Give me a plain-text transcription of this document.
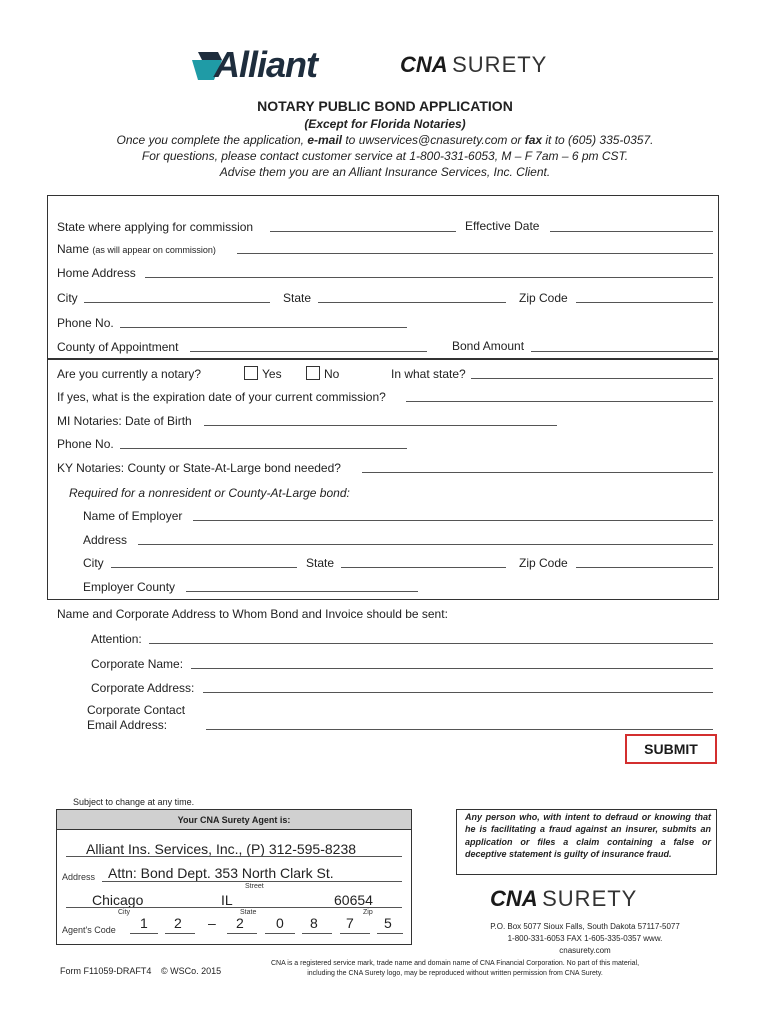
Alliant	CNA SURETY
NOTARY PUBLIC BOND APPLICATION
(Except for Florida Notaries)
Once you complete the application, e-mail to uwservices@cnasurety.com or fax it to (605) 335-0357.
For questions, please contact customer service at 1-800-331-6053, M – F 7am – 6 pm CST.
Advise them you are an Alliant Insurance Services, Inc. Client.
State where applying for commission	Effective Date
Name (as will appear on commission)
Home Address
City	State	Zip Code
Phone No.
County of Appointment	Bond Amount
Are you currently a notary?	Yes	No	In what state?
If yes, what is the expiration date of your current commission?
MI Notaries: Date of Birth
Phone No.
KY Notaries: County or State-At-Large bond needed?
Required for a nonresident or County-At-Large bond:
Name of Employer
Address
City	State	Zip Code
Employer County
Name and Corporate Address to Whom Bond and Invoice should be sent:
Attention:
Corporate Name:
Corporate Address:
Corporate Contact
Email Address:
SUBMIT
Subject to change at any time.
Your CNA Surety Agent is:
Alliant Ins. Services, Inc., (P) 312-595-8238
Address Attn: Bond Dept. 353 North Clark St.
Street
Chicago	IL	60654
City	State	Zip
Agent's Code 1 2 – 2 0 8 7 5
Any person who, with intent to defraud or knowing that he is facilitating a fraud against an insurer, submits an application or files a claim containing a false or deceptive statement is guilty of insurance fraud.
CNA SURETY
P.O. Box 5077 Sioux Falls, South Dakota 57117-5077
1-800-331-6053 FAX 1-605-335-0357 www.
cnasurety.com
Form F11059-DRAFT4 © WSCo. 2015
CNA is a registered service mark, trade name and domain name of CNA Financial Corporation. No part of this material,
including the CNA Surety logo, may be reproduced without written permission from CNA Surety.
